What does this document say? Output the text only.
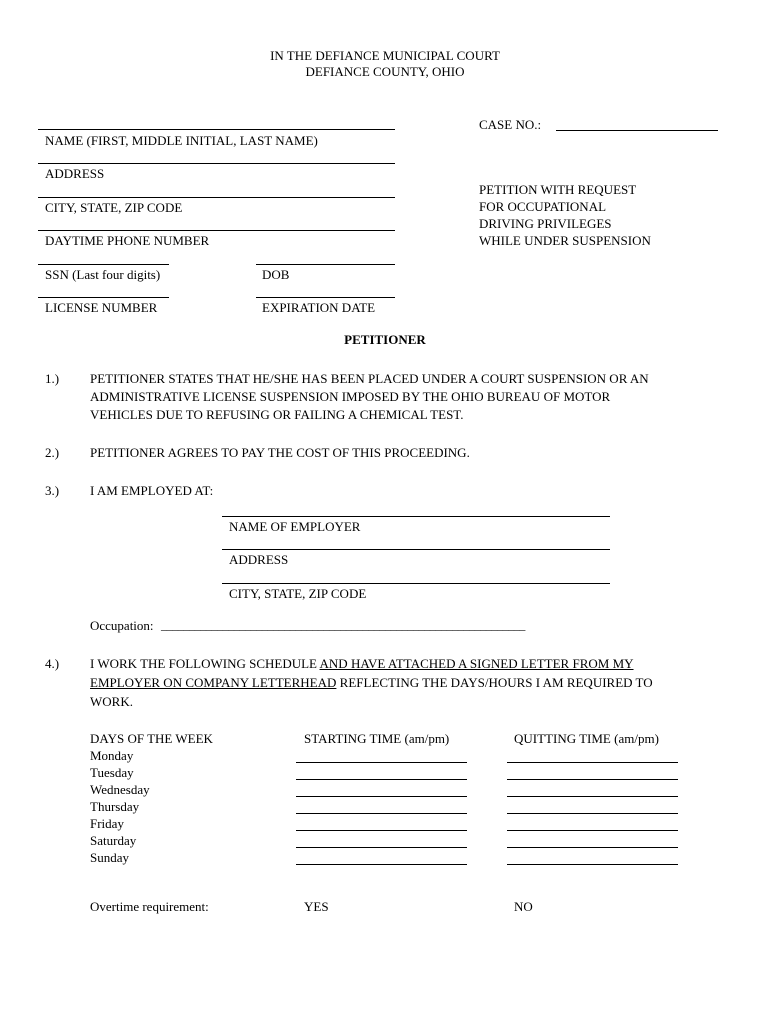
IN THE DEFIANCE MUNICIPAL COURT
DEFIANCE COUNTY, OHIO
CASE NO.:
NAME (FIRST, MIDDLE INITIAL, LAST NAME)
ADDRESS
CITY, STATE, ZIP CODE
DAYTIME PHONE NUMBER
SSN (Last four digits)	DOB
LICENSE NUMBER	EXPIRATION DATE
PETITION WITH REQUEST
FOR OCCUPATIONAL
DRIVING PRIVILEGES
WHILE UNDER SUSPENSION
PETITIONER
1.) PETITIONER STATES THAT HE/SHE HAS BEEN PLACED UNDER A COURT SUSPENSION OR AN
ADMINISTRATIVE LICENSE SUSPENSION IMPOSED BY THE OHIO BUREAU OF MOTOR
VEHICLES DUE TO REFUSING OR FAILING A CHEMICAL TEST.
2.) PETITIONER AGREES TO PAY THE COST OF THIS PROCEEDING.
3.) I AM EMPLOYED AT:
NAME OF EMPLOYER
ADDRESS
CITY, STATE, ZIP CODE
Occupation: _________________________________________________________________
4.) I WORK THE FOLLOWING SCHEDULE AND HAVE ATTACHED A SIGNED LETTER FROM MY
EMPLOYER ON COMPANY LETTERHEAD REFLECTING THE DAYS/HOURS I AM REQUIRED TO
WORK.
DAYS OF THE WEEK	STARTING TIME (am/pm)	QUITTING TIME (am/pm)
Monday
Tuesday
Wednesday
Thursday
Friday
Saturday
Sunday
Overtime requirement:	YES	NO
